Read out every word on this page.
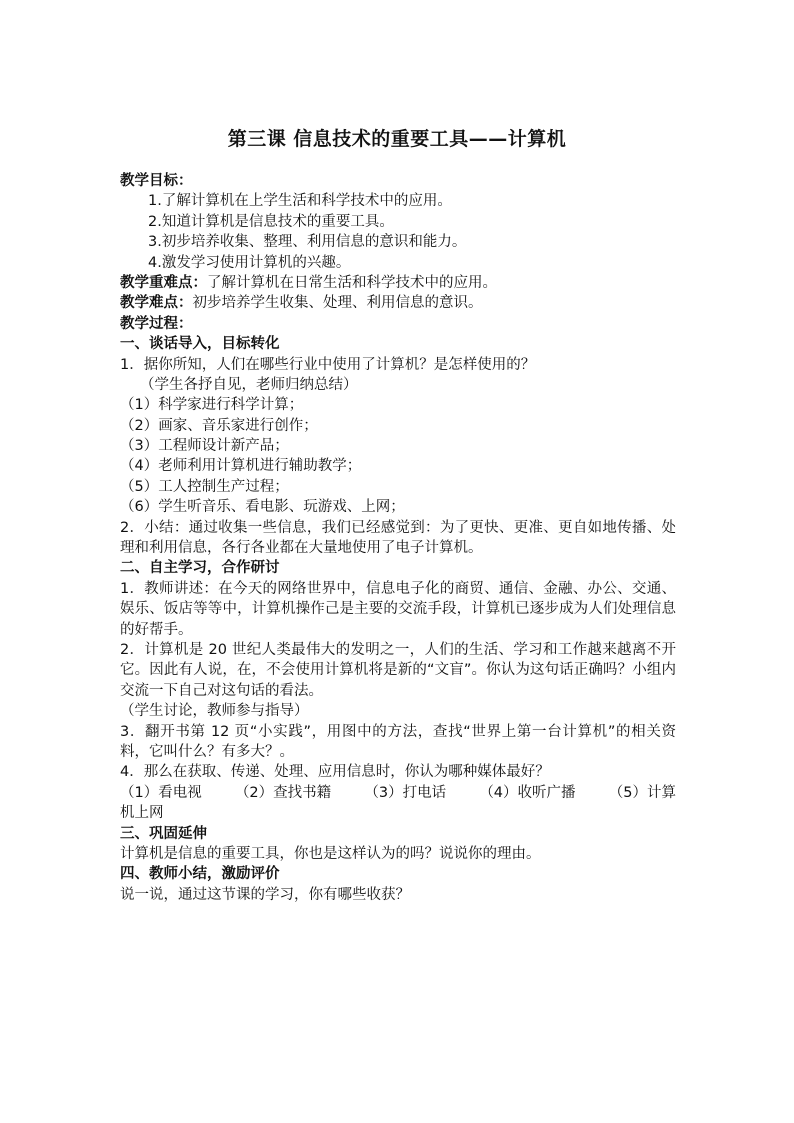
第三课 信息技术的重要工具——计算机
教学目标：
1.了解计算机在上学生活和科学技术中的应用。
2.知道计算机是信息技术的重要工具。
3.初步培养收集、整理、利用信息的意识和能力。
4.激发学习使用计算机的兴趣。
教学重难点：了解计算机在日常生活和科学技术中的应用。
教学难点：初步培养学生收集、处理、利用信息的意识。
教学过程：
一、谈话导入，目标转化
1．据你所知，人们在哪些行业中使用了计算机？是怎样使用的？
（学生各抒自见，老师归纳总结）
（1）科学家进行科学计算；
（2）画家、音乐家进行创作；
（3）工程师设计新产品；
（4）老师利用计算机进行辅助教学；
（5）工人控制生产过程；
（6）学生听音乐、看电影、玩游戏、上网；
2．小结：通过收集一些信息，我们已经感觉到：为了更快、更准、更自如地传播、处理和利用信息，各行各业都在大量地使用了电子计算机。
二、自主学习，合作研讨
1．教师讲述：在今天的网络世界中，信息电子化的商贸、通信、金融、办公、交通、娱乐、饭店等等中，计算机操作己是主要的交流手段，计算机已逐步成为人们处理信息的好帮手。
2．计算机是 20 世纪人类最伟大的发明之一，人们的生活、学习和工作越来越离不开它。因此有人说，在，不会使用计算机将是新的“文盲”。你认为这句话正确吗？小组内交流一下自己对这句话的看法。
（学生讨论，教师参与指导）
3．翻开书第 12 页“小实践”，用图中的方法，查找“世界上第一台计算机”的相关资料，它叫什么？有多大？。
4．那么在获取、传递、处理、应用信息时，你认为哪种媒体最好？
（1）看电视 （2）查找书籍 （3）打电话 （4）收听广播 （5）计算
机上网
三、巩固延伸
计算机是信息的重要工具，你也是这样认为的吗？说说你的理由。
四、教师小结，激励评价
说一说，通过这节课的学习，你有哪些收获？
